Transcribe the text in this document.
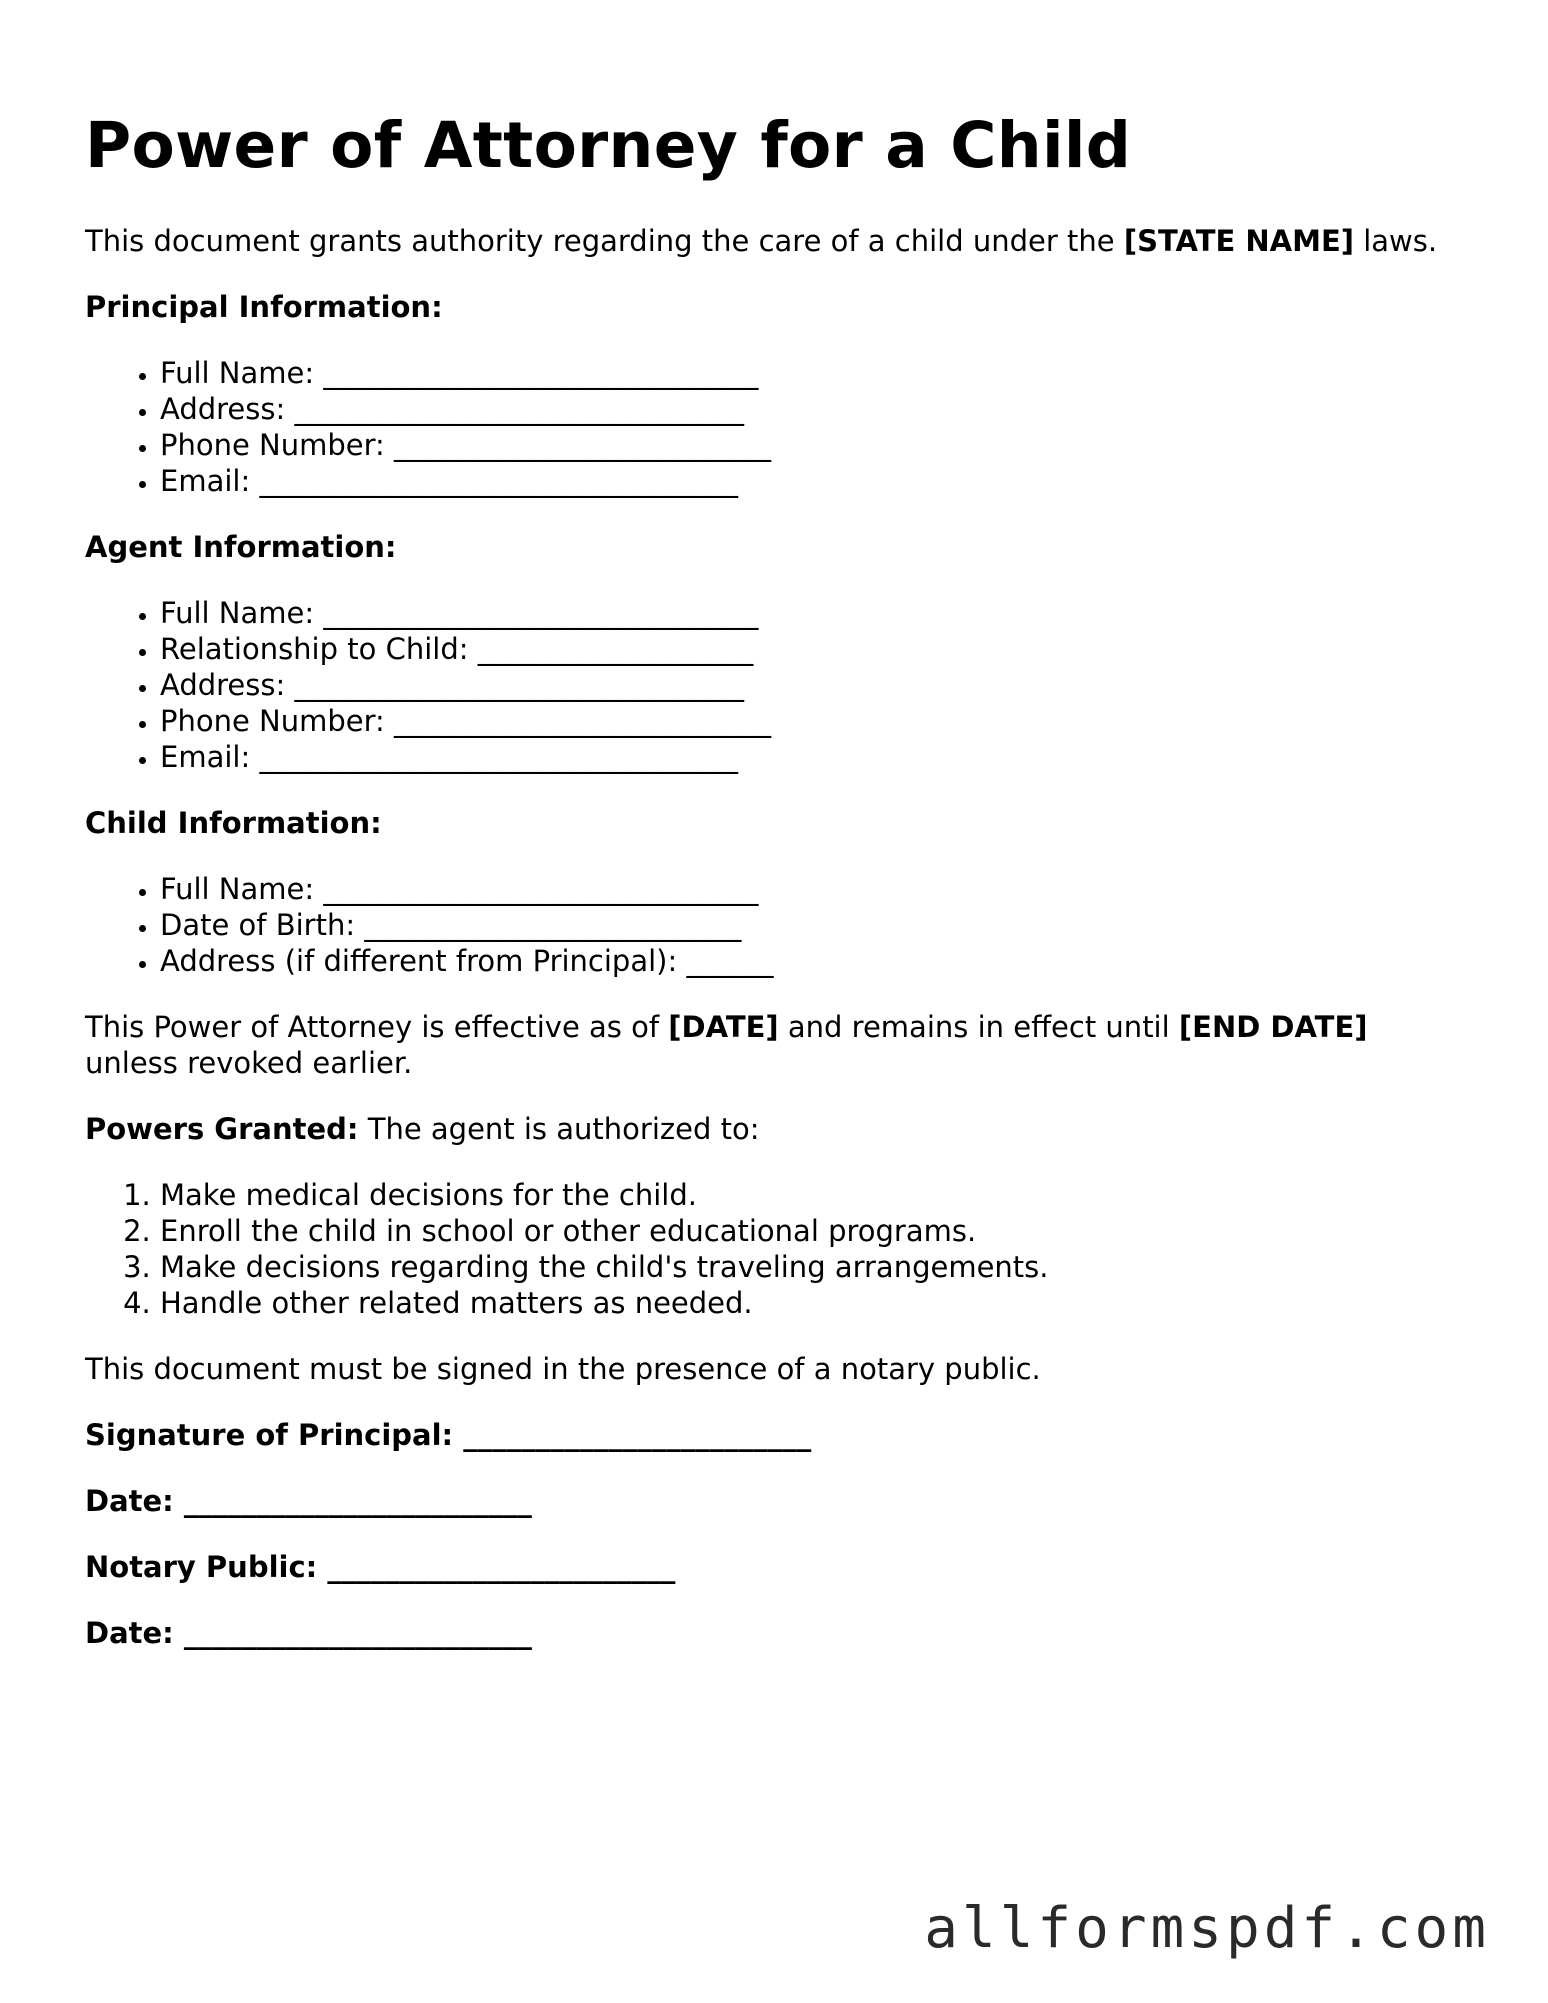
Power of Attorney for a Child

This document grants authority regarding the care of a child under the [STATE NAME] laws.

Principal Information:

• Full Name: ______________________________
• Address: _______________________________
• Phone Number: __________________________
• Email: _________________________________

Agent Information:

• Full Name: ______________________________
• Relationship to Child: ___________________
• Address: _______________________________
• Phone Number: __________________________
• Email: _________________________________

Child Information:

• Full Name: ______________________________
• Date of Birth: __________________________
• Address (if different from Principal): ______

This Power of Attorney is effective as of [DATE] and remains in effect until [END DATE] unless revoked earlier.

Powers Granted: The agent is authorized to:

1. Make medical decisions for the child.
2. Enroll the child in school or other educational programs.
3. Make decisions regarding the child's traveling arrangements.
4. Handle other related matters as needed.

This document must be signed in the presence of a notary public.

Signature of Principal: ________________________

Date: ________________________

Notary Public: ________________________

Date: ________________________

allformspdf.com
